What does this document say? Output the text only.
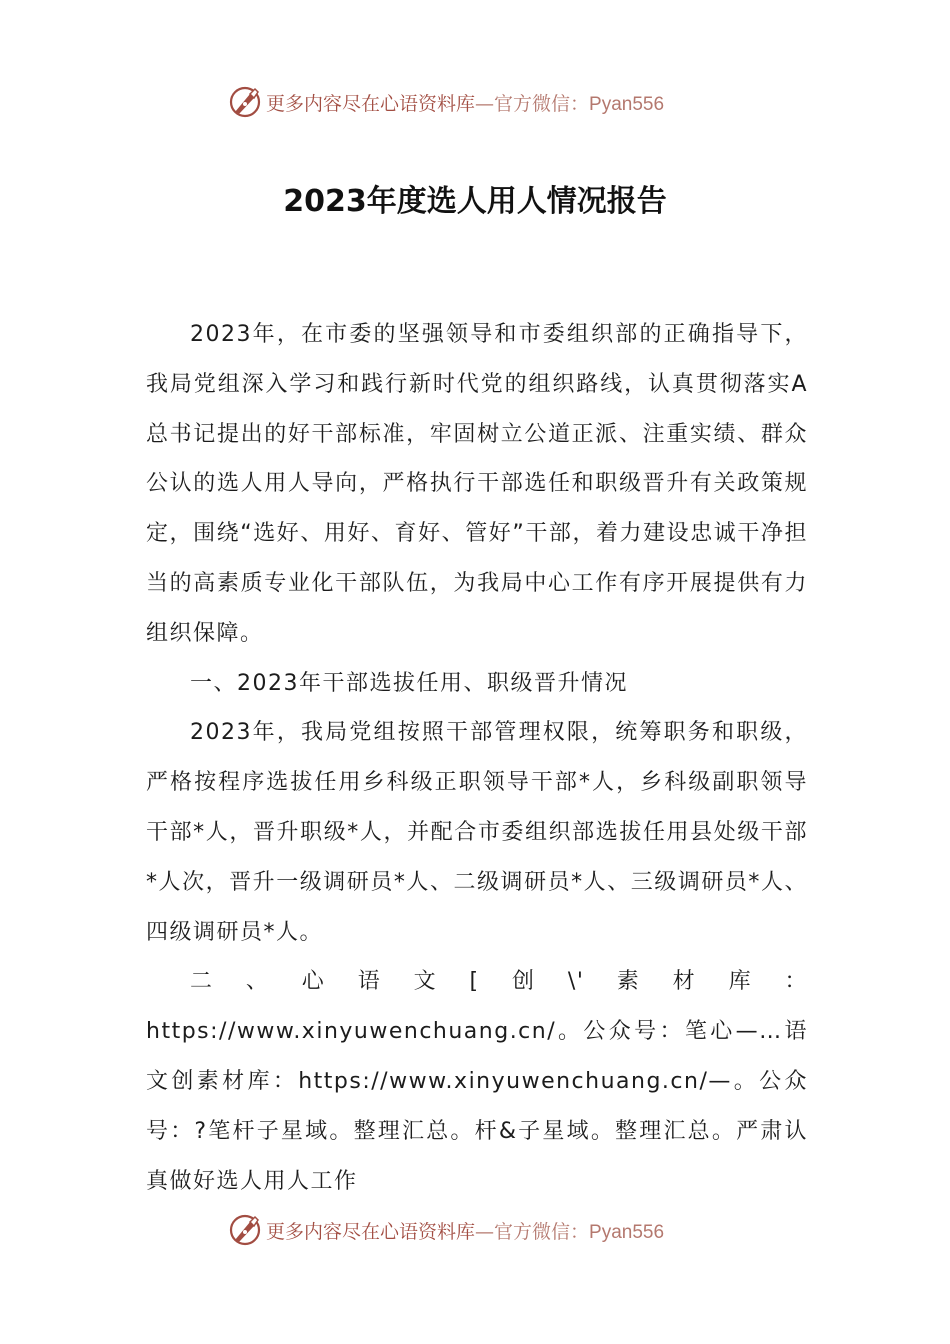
更多内容尽在心语资料库—官方微信：Pyan556
2023年度选人用人情况报告

2023年，在市委的坚强领导和市委组织部的正确指导下，我局党组深入学习和践行新时代党的组织路线，认真贯彻落实A总书记提出的好干部标准，牢固树立公道正派、注重实绩、群众公认的选人用人导向，严格执行干部选任和职级晋升有关政策规定，围绕“选好、用好、育好、管好”干部，着力建设忠诚干净担当的高素质专业化干部队伍，为我局中心工作有序开展提供有力组织保障。

一、2023年干部选拔任用、职级晋升情况

2023年，我局党组按照干部管理权限，统筹职务和职级，严格按程序选拔任用乡科级正职领导干部*人，乡科级副职领导干部*人，晋升职级*人，并配合市委组织部选拔任用县处级干部*人次，晋升一级调研员*人、二级调研员*人、三级调研员*人、四级调研员*人。

二、心语文[创\'素材库：https://www.xinyuwenchuang.cn/。公众号：笔心—…语文创素材库：https://www.xinyuwenchuang.cn/—。公众号：?笔杆子星域。整理汇总。杆&子星域。整理汇总。严肃认真做好选人用人工作

更多内容尽在心语资料库—官方微信：Pyan556
